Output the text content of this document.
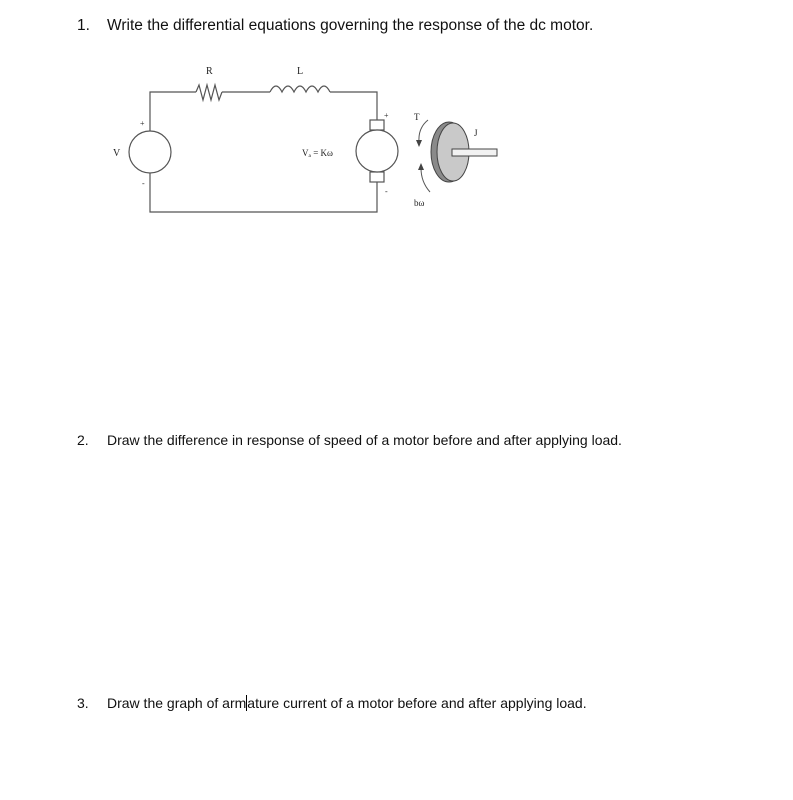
1. Write the differential equations governing the response of the dc motor.
V
+
-
R	L
Vₐ = Kω
+
-
T
bω
J
2. Draw the difference in response of speed of a motor before and after applying load.
3. Draw the graph of armature current of a motor before and after applying load.
